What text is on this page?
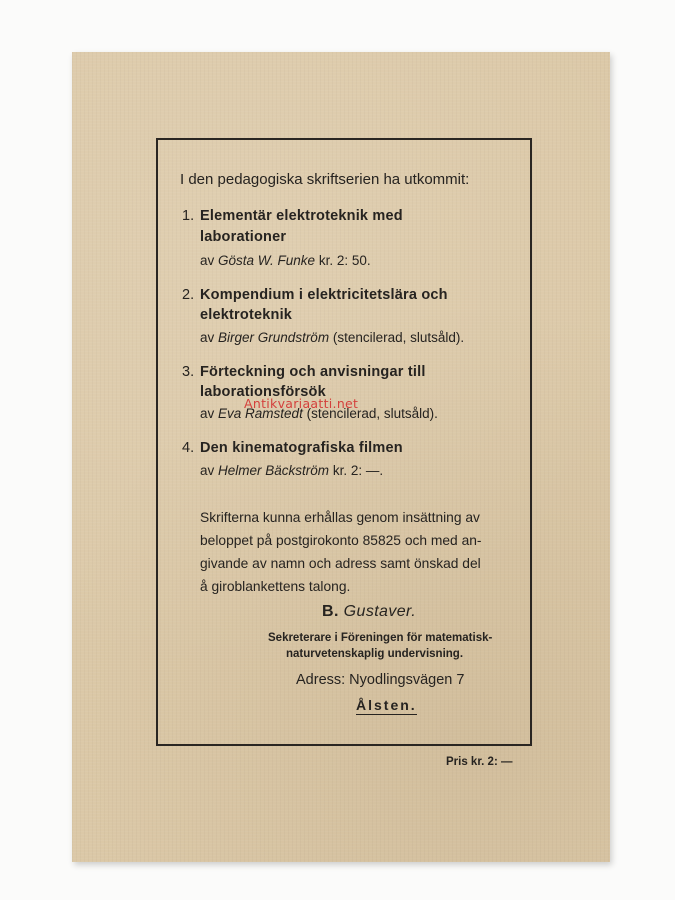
I den pedagogiska skriftserien ha utkommit:
1. Elementär elektroteknik med
laborationer
av Gösta W. Funke kr. 2: 50.
2. Kompendium i elektricitetslära och
elektroteknik
av Birger Grundström (stencilerad, slutsåld).
3. Förteckning och anvisningar till
laborationsförsök
av Eva Ramstedt (stencilerad, slutsåld).
4. Den kinematografiska filmen
av Helmer Bäckström kr. 2: —.
Skrifterna kunna erhållas genom insättning av
beloppet på postgirokonto 85825 och med an-
givande av namn och adress samt önskad del
å giroblankettens talong.
B. Gustaver.
Sekreterare i Föreningen för matematisk-
naturvetenskaplig undervisning.
Adress: Nyodlingsvägen 7
Ålsten.
Pris kr. 2: —
Antikvariaatti.net
